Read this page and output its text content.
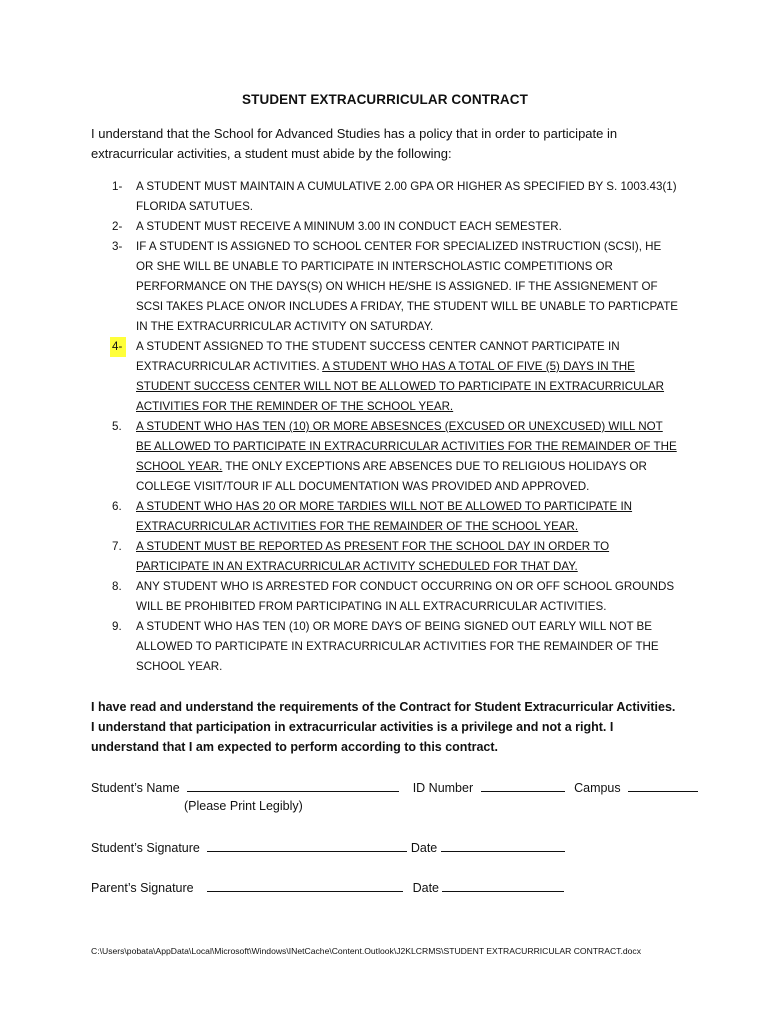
STUDENT EXTRACURRICULAR CONTRACT
I understand that the School for Advanced Studies has a policy that in order to participate in extracurricular activities, a student must abide by the following:
1- A STUDENT MUST MAINTAIN A CUMULATIVE 2.00 GPA OR HIGHER AS SPECIFIED BY S. 1003.43(1) FLORIDA SATUTUES.
2- A STUDENT MUST RECEIVE A MININUM 3.00 IN CONDUCT EACH SEMESTER.
3- IF A STUDENT IS ASSIGNED TO SCHOOL CENTER FOR SPECIALIZED INSTRUCTION (SCSI), HE OR SHE WILL BE UNABLE TO PARTICIPATE IN INTERSCHOLASTIC COMPETITIONS OR PERFORMANCE ON THE DAYS(S) ON WHICH HE/SHE IS ASSIGNED. IF THE ASSIGNEMENT OF SCSI TAKES PLACE ON/OR INCLUDES A FRIDAY, THE STUDENT WILL BE UNABLE TO PARTICPATE IN THE EXTRACURRICULAR ACTIVITY ON SATURDAY.
4-	A STUDENT ASSIGNED TO THE STUDENT SUCCESS CENTER CANNOT PARTICIPATE IN EXTRACURRICULAR ACTIVITIES. A STUDENT WHO HAS A TOTAL OF FIVE (5) DAYS IN THE STUDENT SUCCESS CENTER WILL NOT BE ALLOWED TO PARTICIPATE IN EXTRACURRICULAR ACTIVITIES FOR THE REMINDER OF THE SCHOOL YEAR.
5. A STUDENT WHO HAS TEN (10) OR MORE ABSESNCES (EXCUSED OR UNEXCUSED) WILL NOT BE ALLOWED TO PARTICIPATE IN EXTRACURRICULAR ACTIVITIES FOR THE REMAINDER OF THE SCHOOL YEAR. THE ONLY EXCEPTIONS ARE ABSENCES DUE TO RELIGIOUS HOLIDAYS OR COLLEGE VISIT/TOUR IF ALL DOCUMENTATION WAS PROVIDED AND APPROVED.
6. A STUDENT WHO HAS 20 OR MORE TARDIES WILL NOT BE ALLOWED TO PARTICIPATE IN EXTRACURRICULAR ACTIVITIES FOR THE REMAINDER OF THE SCHOOL YEAR.
7. A STUDENT MUST BE REPORTED AS PRESENT FOR THE SCHOOL DAY IN ORDER TO PARTICIPATE IN AN EXTRACURRICULAR ACTIVITY SCHEDULED FOR THAT DAY.
8. ANY STUDENT WHO IS ARRESTED FOR CONDUCT OCCURRING ON OR OFF SCHOOL GROUNDS WILL BE PROHIBITED FROM PARTICIPATING IN ALL EXTRACURRICULAR ACTIVITIES.
9. A STUDENT WHO HAS TEN (10) OR MORE DAYS OF BEING SIGNED OUT EARLY WILL NOT BE ALLOWED TO PARTICIPATE IN EXTRACURRICULAR ACTIVITIES FOR THE REMAINDER OF THE SCHOOL YEAR.
I have read and understand the requirements of the Contract for Student Extracurricular Activities. I understand that participation in extracurricular activities is a privilege and not a right. I understand that I am expected to perform according to this contract.
Student’s Name	ID Number	Campus
(Please Print Legibly)
Student’s Signature	Date
Parent’s Signature	Date
C:\Users\pobata\AppData\Local\Microsoft\Windows\INetCache\Content.Outlook\J2KLCRMS\STUDENT EXTRACURRICULAR CONTRACT.docx
